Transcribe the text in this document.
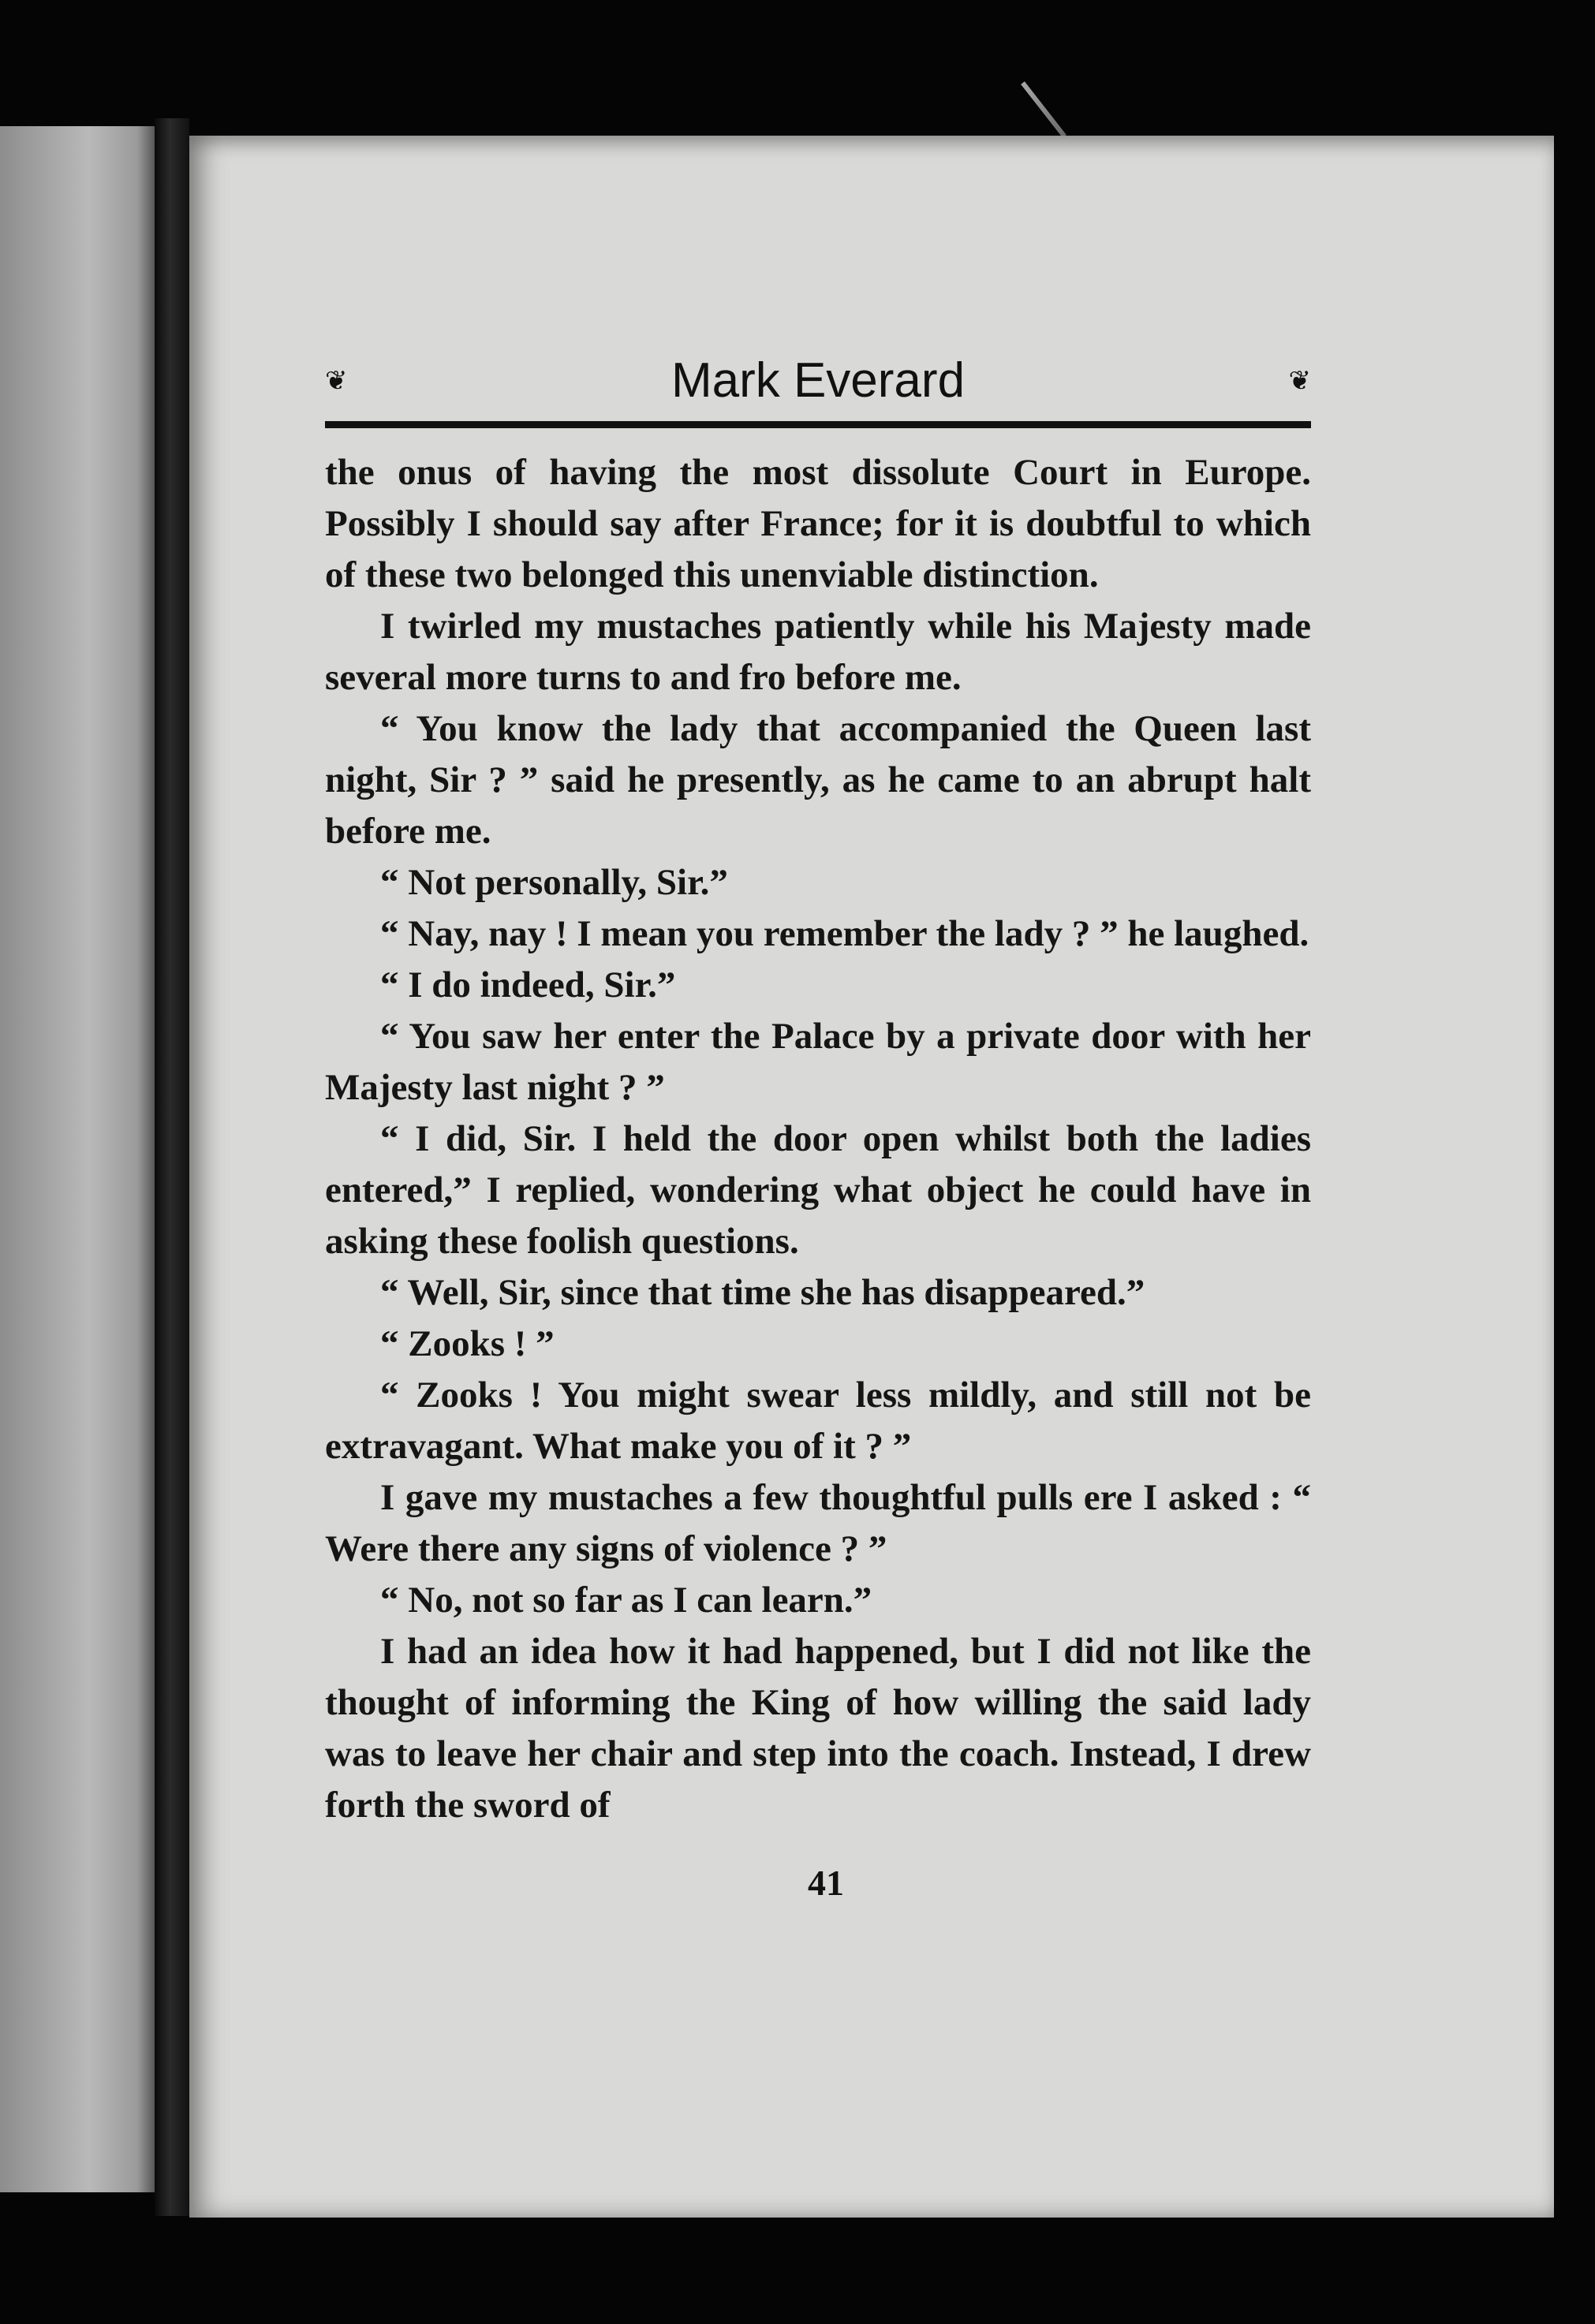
❦	Mark Everard	❦

the onus of having the most dissolute Court in Europe. Possibly I should say after France; for it is doubtful to which of these two belonged this unenviable distinction.

I twirled my mustaches patiently while his Majesty made several more turns to and fro before me.

“ You know the lady that accompanied the Queen last night, Sir ? ” said he presently, as he came to an abrupt halt before me.

“ Not personally, Sir.”

“ Nay, nay ! I mean you remember the lady ? ” he laughed.

“ I do indeed, Sir.”

“ You saw her enter the Palace by a private door with her Majesty last night ? ”

“ I did, Sir. I held the door open whilst both the ladies entered,” I replied, wondering what object he could have in asking these foolish questions.

“ Well, Sir, since that time she has disappeared.”

“ Zooks ! ”

“ Zooks ! You might swear less mildly, and still not be extravagant. What make you of it ? ”

I gave my mustaches a few thoughtful pulls ere I asked : “ Were there any signs of violence ? ”

“ No, not so far as I can learn.”

I had an idea how it had happened, but I did not like the thought of informing the King of how willing the said lady was to leave her chair and step into the coach. Instead, I drew forth the sword of

41
